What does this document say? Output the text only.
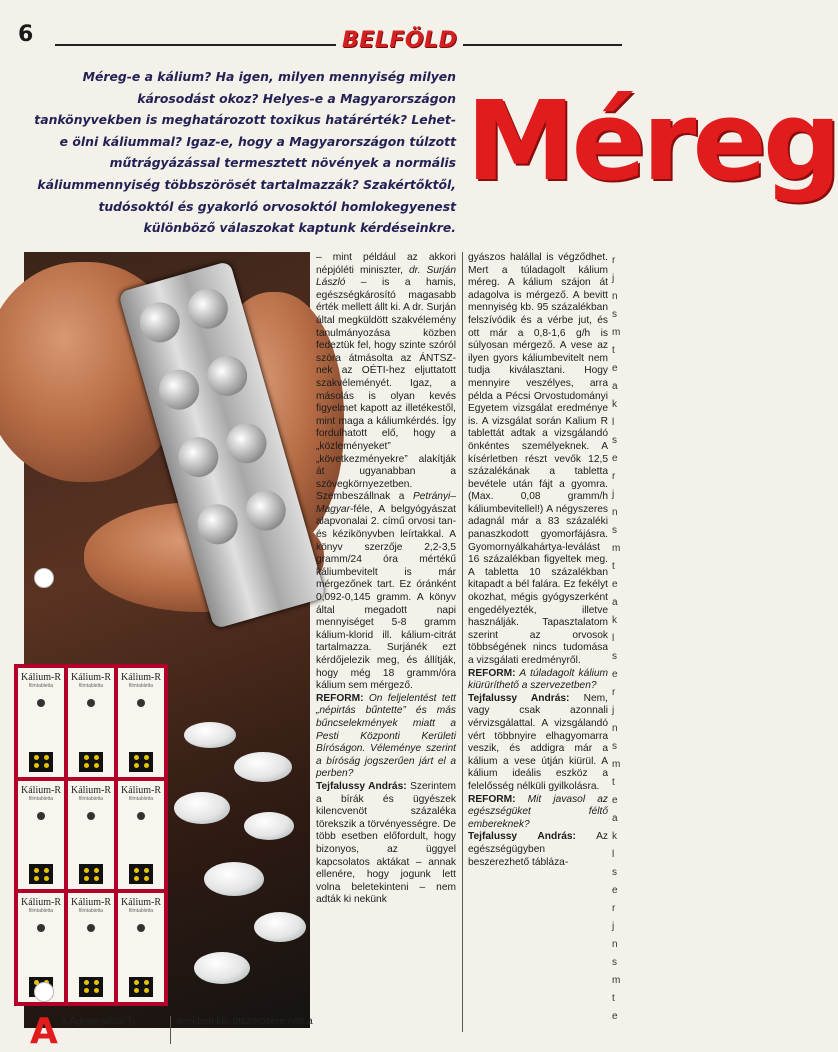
6	BELFÖLD
Méreg-e a kálium? Ha igen, milyen mennyiség milyen károsodást okoz? Helyes-e a Magyarországon tankönyvekben is meghatározott toxikus határérték? Lehet-e ölni káliummal? Igaz-e, hogy a Magyarországon túlzott műtrágyázással termesztett növények a normális káliummennyiség többszörösét tartalmazzák? Szakértőktől, tudósoktól és gyakorló orvosoktól homlokegyenest különböző válaszokat kaptunk kérdéseinkre.
Méreg
Kálium-R
filmtabletta
Kálium-R
filmtabletta
Kálium-R
filmtabletta
Kálium-R
filmtabletta
Kálium-R
filmtabletta
Kálium-R
filmtabletta
Kálium-R
filmtabletta
Kálium-R
filmtabletta
Kálium-R
filmtabletta

– mint például az akkori népjóléti miniszter, dr. Surján László – is a hamis, egészségkárosító magasabb érték mellett állt ki. A dr. Surján által megküldött szakvélemény tanulmányozása közben fedeztük fel, hogy szinte szóról szóra átmásolta az ÁNTSZ-nek az OÉTI-hez eljuttatott szakvéleményét. Igaz, a másolás is olyan kevés figyelmet kapott az illetékestől, mint maga a káliumkérdés. Így fordulhatott elő, hogy a „közleményeket” „következményekre” alakítják át ugyanabban a szövegkörnyezetben. Szembeszállnak a Petrányi–Magyar-féle, A belgyógyászat alapvonalai 2. című orvosi tan- és kézikönyvben leírtakkal. A könyv szerzője 2,2-3,5 gramm/24 óra mértékű káliumbevitelt is már mérgezőnek tart. Ez óránként 0,092-0,145 gramm. A könyv által megadott napi mennyiséget 5-8 gramm kálium-klorid ill. kálium-citrát tartalmazza. Surjánék ezt kérdőjelezik meg, és állítják, hogy még 18 gramm/óra kálium sem mérgező.

REFORM: On feljelentést tett „népirtás bűntette” és más bűncselekmények miatt a Pesti Központi Kerületi Bíróságon. Véleménye szerint a bíróság jogszerűen járt el a perben?

Tejfalussy András: Szerintem a bírák és ügyészek kilencvenöt százaléka törekszik a törvényességre. De több esetben előfordult, hogy bizonyos, az üggyel kapcsolatos aktákat – annak ellenére, hogy jogunk lett volna beletekinteni – nem adták ki nekünk

gyászos halállal is végződhet. Mert a túladagolt kálium méreg. A kálium szájon át adagolva is mérgező. A bevitt mennyiség kb. 95 százalékban felszívódik és a vérbe jut, és ott már a 0,8-1,6 g/h is súlyosan mérgező. A vese az ilyen gyors káliumbevitelt nem tudja kiválasztani. Hogy mennyire veszélyes, arra példa a Pécsi Orvostudományi Egyetem vizsgálat eredménye is. A vizsgálat során Kalium R tablettát adtak a vizsgálandó önkéntes személyeknek. A kísérletben részt vevők 12,5 százalékának a tabletta bevétele után fájt a gyomra. (Max. 0,08 gramm/h káliumbevitellel!) A négyszeres adagnál már a 83 százaléki panaszkodott gyomorfájásra. Gyomornyálkahártya-leválást 16 százalékban figyeltek meg. A tabletta 10 százalékban kitapadt a bél falára. Ez fekélyt okozhat, mégis gyógyszerként engedélyezték, illetve használják. Tapasztalatom szerint az orvosok többségének nincs tudomása a vizsgálati eredményről.

REFORM: A túladagolt kálium kiürüríthető a szervezetben?

Tejfalussy András: Nem, vagy csak azonnali vérvizsgálattal. A vizsgálandó vért többnyire elhagyomarra veszik, és addigra már a kálium a vese útján kiürül. A kálium ideális eszköz a felelősség nélküli gyilkolásra.

REFORM: Mit javasol az egészségüket féltő embereknek?

Tejfalussy András: Az egészségügyben beszerezhető tábláza-

r
j
n
s
m
t
e
a
k
l
s
e
r
j
n
s
m
t
e
a
k
l
s
e
r
j
n
s
m
t
e
a
k
l
s
e
r
j
n
s
m
t
e
A z Agroanalízis Tj-	avekben kb. ötszörösére nőtt a
